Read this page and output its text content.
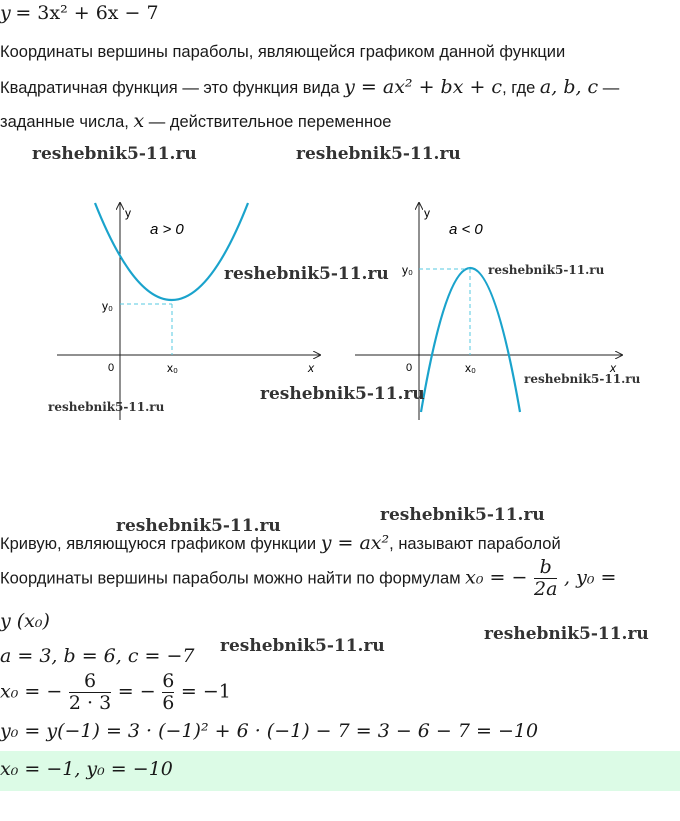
y = 3x² + 6x − 7
Координаты вершины параболы, являющейся графиком данной функции
Квадратичная функция — это функция вида y = ax² + bx + c, где a, b, c —
заданные числа, x — действительное переменное
y
x
0	x₀
y₀
a > 0
y
x
0	x₀
y₀
a < 0
reshebnik5-11.ru	reshebnik5-11.ru
reshebnik5-11.ru	reshebnik5-11.ru
reshebnik5-11.ru
reshebnik5-11.ru
reshebnik5-11.ru
reshebnik5-11.ru
reshebnik5-11.ru
reshebnik5-11.ru
reshebnik5-11.ru
Кривую, являющуюся графиком функции y = ax², называют параболой
Координаты вершины параболы можно найти по формулам x₀ = − $\frac{b}{2a}$ , y₀ =
y (x₀)
a = 3, b = 6, c = −7
x₀ = − $\frac{6}{2 \cdot 3}$ = − $\frac{6}{6} = -1$
y₀ = y(−1) = 3 · (−1)² + 6 · (−1) − 7 = 3 − 6 − 7 = −10
x₀ = −1, y₀ = −10
